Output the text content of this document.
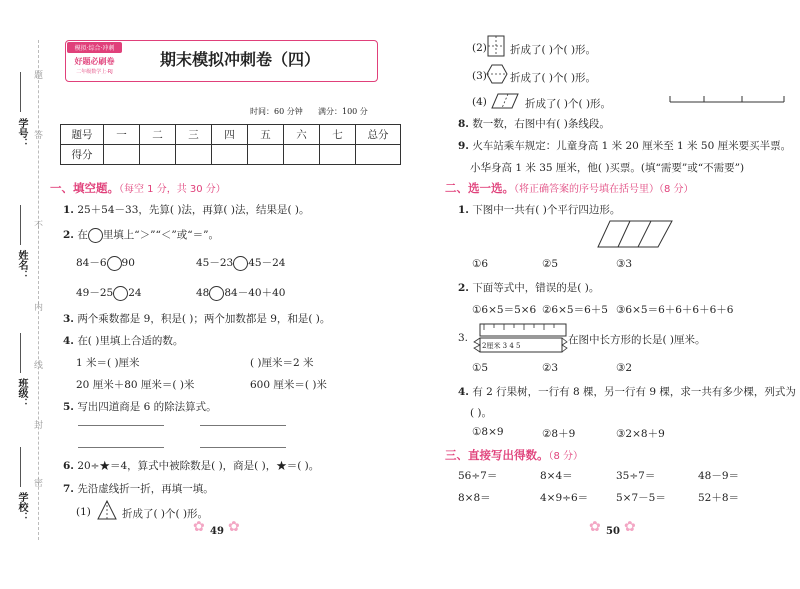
学号：
姓名：
班级：
学校：
题
答
不
内
线
封
密
模拟·综合·冲刺
好题必刷卷
二年级数学上·RJ
期末模拟冲刺卷（四）
时间：60 分钟 满分：100 分
题号	一	二	三	四	五	六	七	总分
得分								
一、填空题。（每空 1 分，共 30 分）
1. 25＋54－33，先算( )法，再算( )法，结果是( )。
2. 在 里填上“＞”“＜”或“＝”。
84－6 90	45－23 45－24
49－25 24	48 84－40＋40
3. 两个乘数都是 9，积是( )；两个加数都是 9，和是( )。
4. 在( )里填上合适的数。
1 米＝( )厘米	( )厘米＝2 米
20 厘米＋80 厘米＝( )米	600 厘米＝( )米
5. 写出四道商是 6 的除法算式。
6. 20÷★＝4，算式中被除数是( )，商是( )，★＝( )。
7. 先沿虚线折一折，再填一填。
(1)	折成了( )个( )形。
49
✿ ✿
(2) 折成了( )个( )形。
(3) 折成了( )个( )形。
(4)	折成了( )个( )形。
8. 数一数，右图中有( )条线段。
9. 火车站乘车规定：儿童身高 1 米 20 厘米至 1 米 50 厘米要买半票。
小华身高 1 米 35 厘米，他( )买票。(填“需要”或“不需要”)
二、选一选。（将正确答案的序号填在括号里）（8 分）
1. 下图中一共有( )个平行四边形。
①6	②5	③3
2. 下面等式中，错误的是( )。
①6×5＝5×6 ②6×5＝6＋5 ③6×5＝6＋6＋6＋6＋6
3.
2厘米 3 4 5	在图中长方形的长是( )厘米。
①5	②3	③2
4. 有 2 行果树，一行有 8 棵，另一行有 9 棵，求一共有多少棵，列式为
( )。
①8×9	②8＋9	③2×8＋9
三、直接写出得数。（8 分）
56÷7＝	8×4＝	35÷7＝	48－9＝
8×8＝	4×9÷6＝	5×7－5＝	52＋8＝
50
✿ ✿
